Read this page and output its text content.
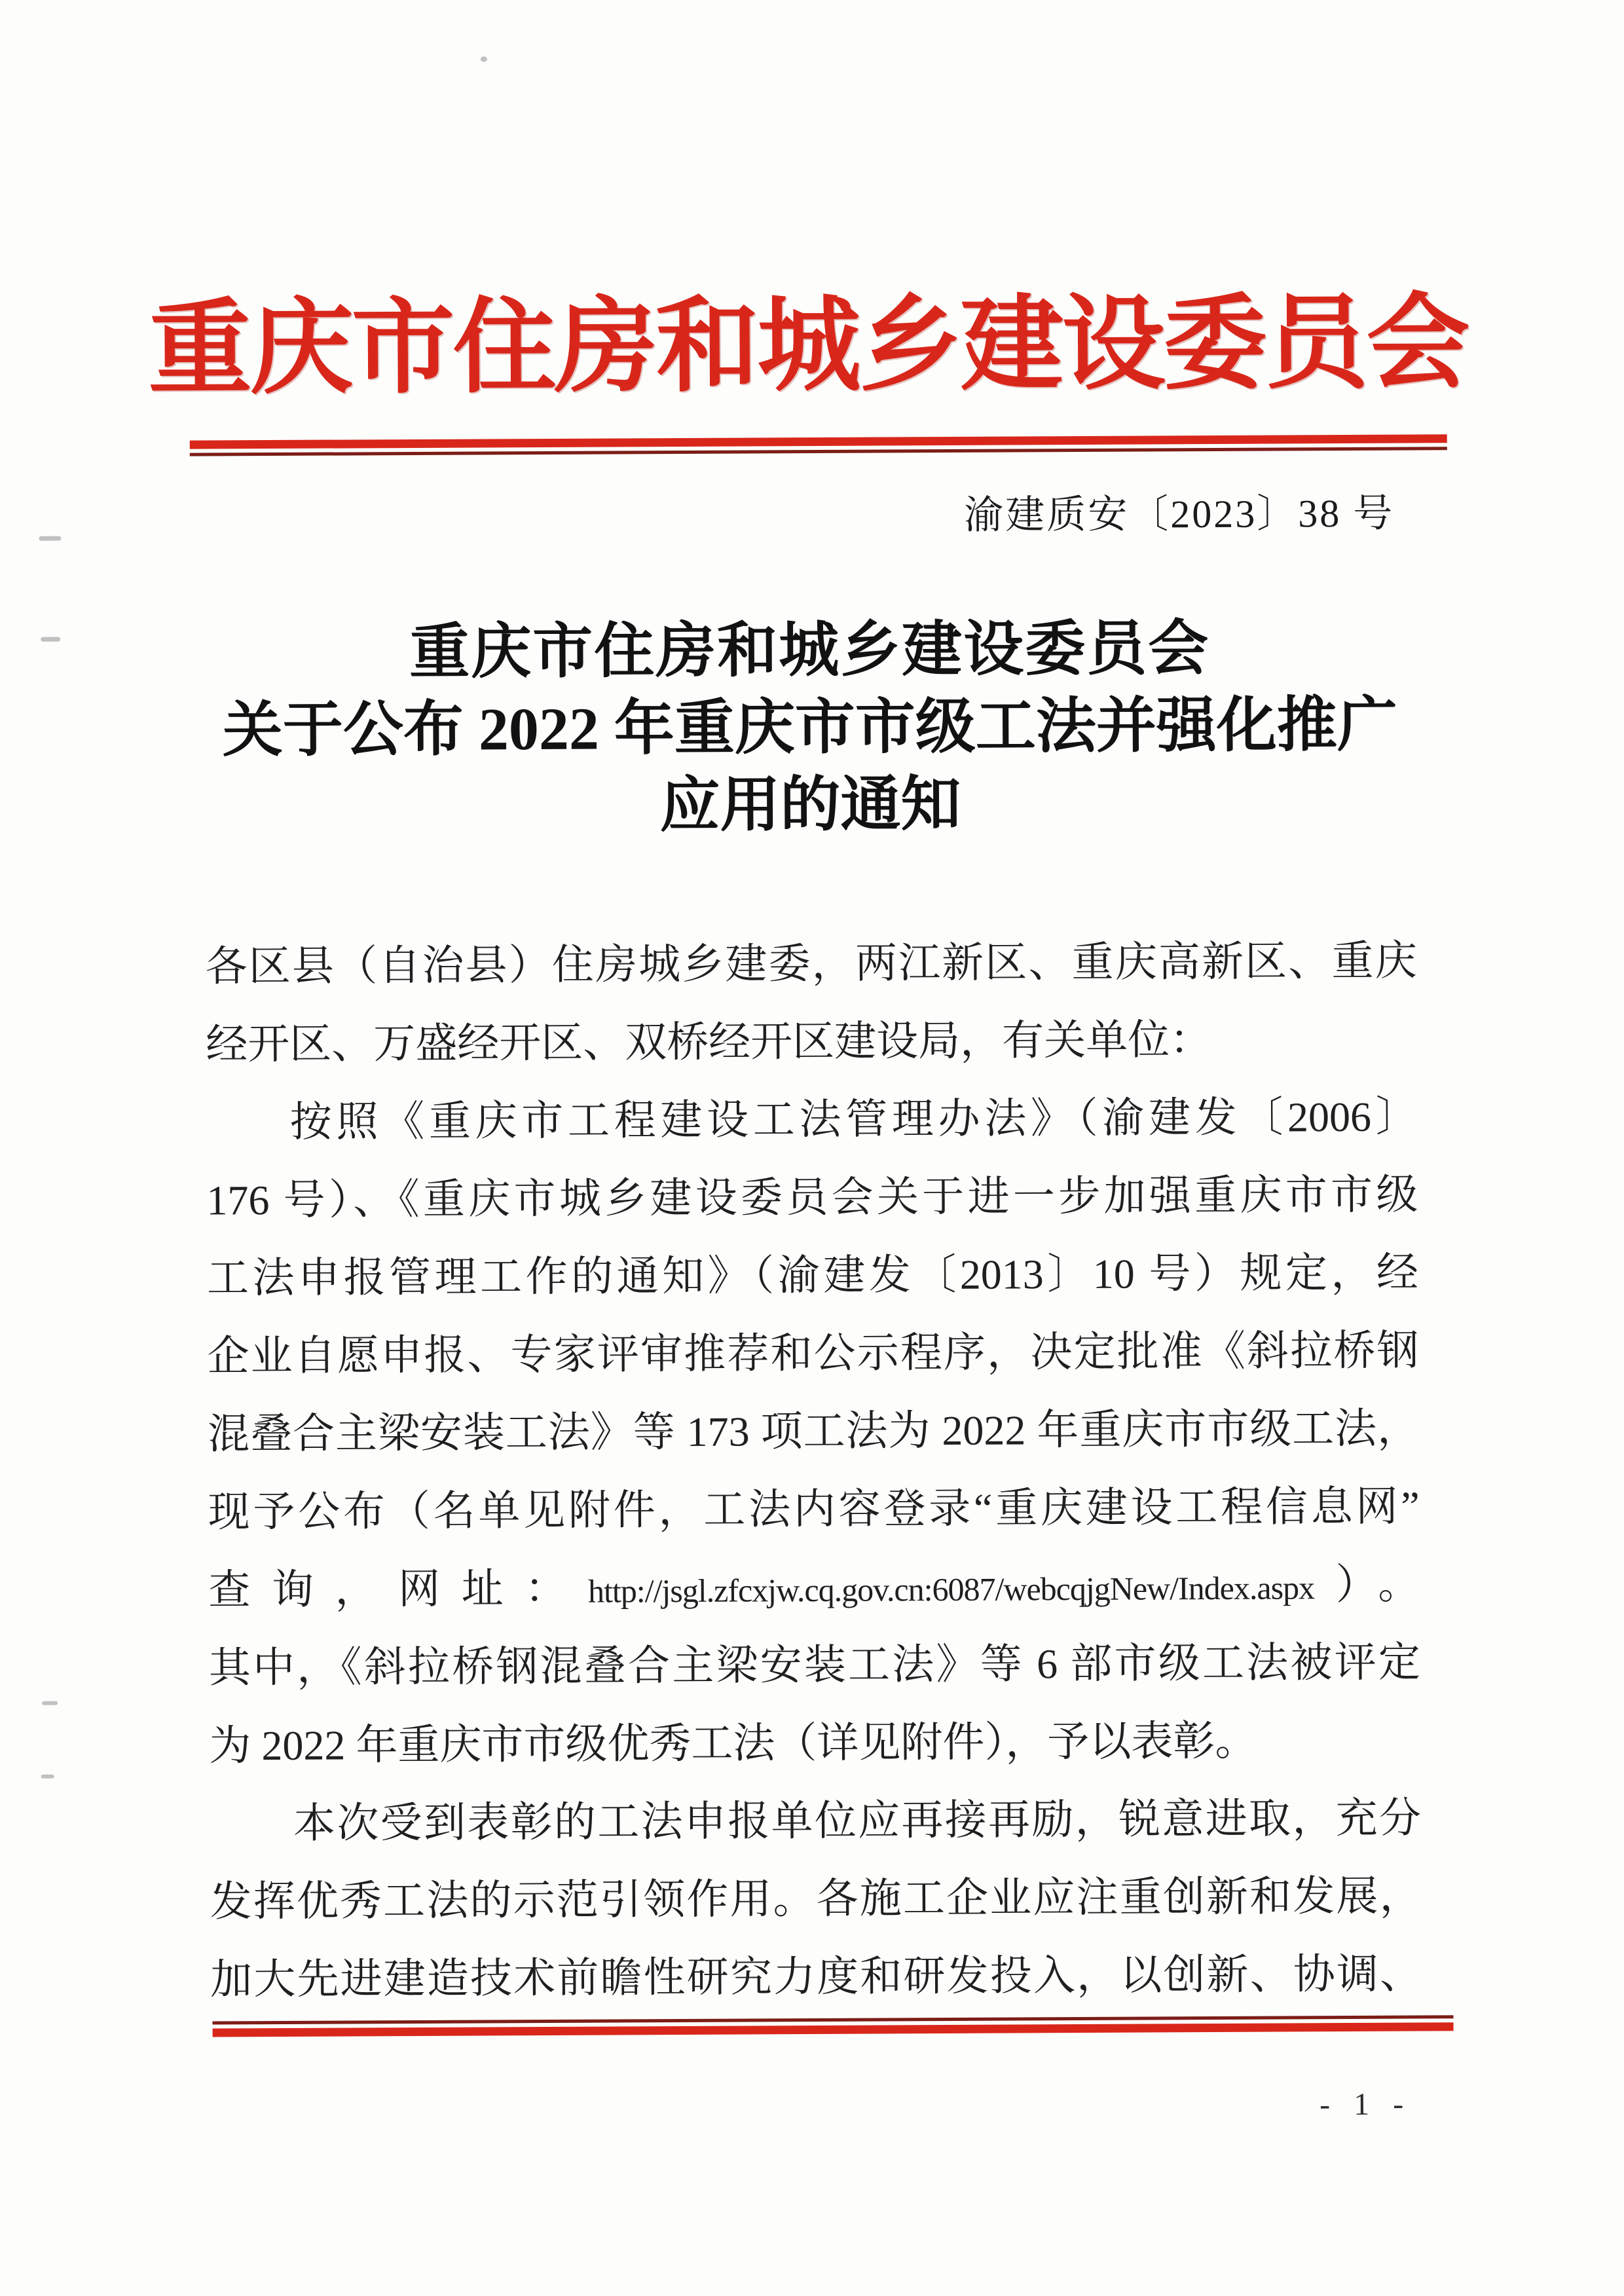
重庆市住房和城乡建设委员会
渝建质安〔2023〕38 号
重庆市住房和城乡建设委员会
关于公布 2022 年重庆市市级工法并强化推广
应用的通知
各区县（自治县）住房城乡建委，两江新区、重庆高新区、重庆
经开区、万盛经开区、双桥经开区建设局，有关单位：
按照《重庆市工程建设工法管理办法》（渝建发〔2006〕
176 号）、《重庆市城乡建设委员会关于进一步加强重庆市市级
工法申报管理工作的通知》（渝建发〔2013〕10 号）规定，经
企业自愿申报、专家评审推荐和公示程序，决定批准《斜拉桥钢
混叠合主梁安装工法》等 173 项工法为 2022 年重庆市市级工法，
现予公布（名单见附件，工法内容登录“重庆建设工程信息网”
查询，网址：http://jsgl.zfcxjw.cq.gov.cn:6087/webcqjgNew/Index.aspx）。
其中，《斜拉桥钢混叠合主梁安装工法》等 6 部市级工法被评定
为 2022 年重庆市市级优秀工法（详见附件），予以表彰。
本次受到表彰的工法申报单位应再接再励，锐意进取，充分
发挥优秀工法的示范引领作用。各施工企业应注重创新和发展，
加大先进建造技术前瞻性研究力度和研发投入，以创新、协调、
- 1 -
